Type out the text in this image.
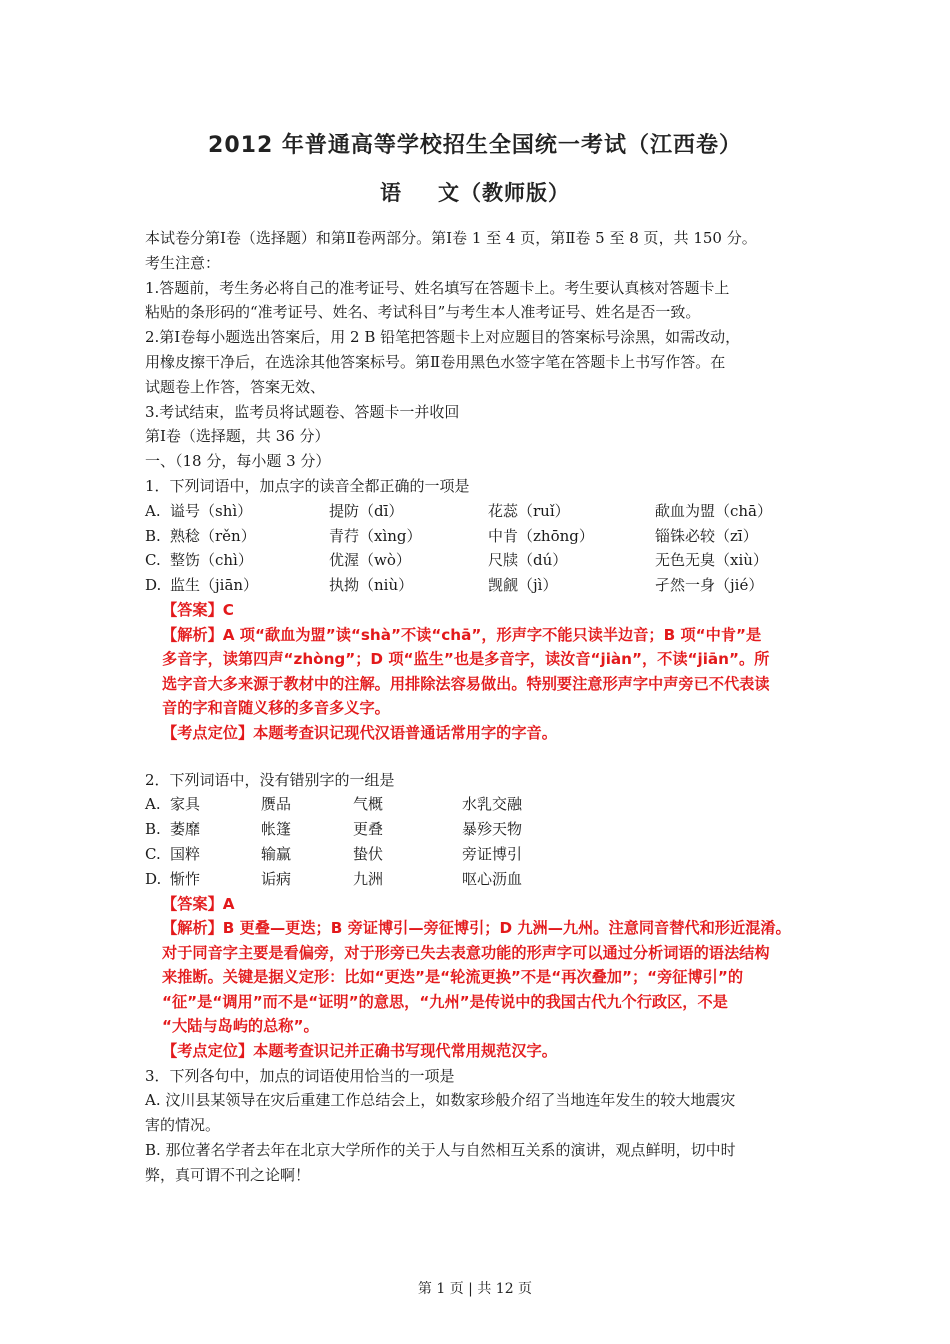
2012 年普通高等学校招生全国统一考试（江西卷）
语 文（教师版）
本试卷分第Ⅰ卷（选择题）和第Ⅱ卷两部分。第Ⅰ卷 1 至 4 页，第Ⅱ卷 5 至 8 页，共 150 分。
考生注意：
1.答题前，考生务必将自己的准考证号、姓名填写在答题卡上。考生要认真核对答题卡上
粘贴的条形码的“准考证号、姓名、考试科目”与考生本人准考证号、姓名是否一致。
2.第Ⅰ卷每小题选出答案后，用 2 B 铅笔把答题卡上对应题目的答案标号涂黑，如需改动，
用橡皮擦干净后，在选涂其他答案标号。第Ⅱ卷用黑色水签字笔在答题卡上书写作答。在
试题卷上作答，答案无效、
3.考试结束，监考员将试题卷、答题卡一并收回
第Ⅰ卷（选择题，共 36 分）
一、（18 分，每小题 3 分）
1．下列词语中，加点字的读音全都正确的一项是
A. 谥号（shì）	提防（dī）	花蕊（ruǐ）	歃血为盟（chā）
B. 熟稔（rěn）	青荇（xìng）	中肯（zhōng）	锱铢必较（zī）
C. 整饬（chì）	优渥（wò）	尺牍（dú）	无色无臭（xiù）
D. 监生（jiān）	执拗（niù）	觊觎（jì）	孑然一身（jié）
【答案】C
【解析】A 项“歃血为盟”读“shà”不读“chā”，形声字不能只读半边音；B 项“中肯”是
多音字，读第四声“zhòng”；D 项“监生”也是多音字，读汝音“jiàn”，不读“jiān”。所
选字音大多来源于教材中的注解。用排除法容易做出。特别要注意形声字中声旁已不代表读
音的字和音随义移的多音多义字。
【考点定位】本题考查识记现代汉语普通话常用字的字音。
2．下列词语中，没有错别字的一组是
A. 家具	赝品	气概	水乳交融
B. 萎靡	帐篷	更叠	暴殄天物
C. 国粹	输赢	蛰伏	旁证博引
D. 惭怍	诟病	九洲	呕心沥血
【答案】A
【解析】B 更叠—更迭；B 旁证博引—旁征博引；D 九洲—九州。注意同音替代和形近混淆。
对于同音字主要是看偏旁，对于形旁已失去表意功能的形声字可以通过分析词语的语法结构
来推断。关键是据义定形：比如“更迭”是“轮流更换”不是“再次叠加”；“旁征博引”的
“征”是“调用”而不是“证明”的意思，“九州”是传说中的我国古代九个行政区，不是
“大陆与岛屿的总称”。
【考点定位】本题考查识记并正确书写现代常用规范汉字。
3．下列各句中，加点的词语使用恰当的一项是
A. 汶川县某领导在灾后重建工作总结会上，如数家珍般介绍了当地连年发生的较大地震灾
害的情况。
B. 那位著名学者去年在北京大学所作的关于人与自然相互关系的演讲，观点鲜明，切中时
弊，真可谓不刊之论啊！
第 1 页 | 共 12 页
